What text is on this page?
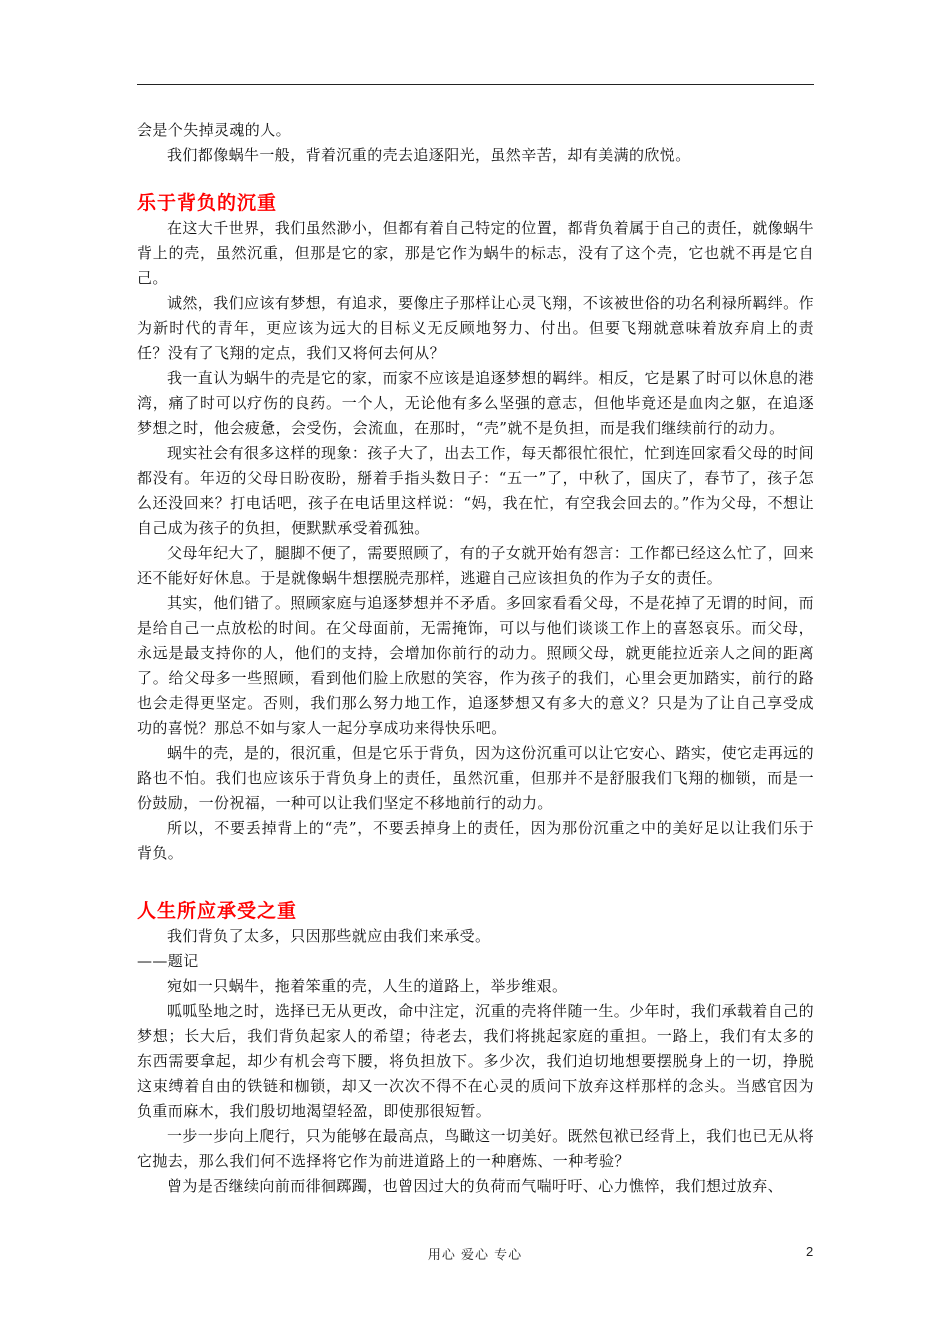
会是个失掉灵魂的人。

我们都像蜗牛一般，背着沉重的壳去追逐阳光，虽然辛苦，却有美满的欣悦。

乐于背负的沉重

在这大千世界，我们虽然渺小，但都有着自己特定的位置，都背负着属于自己的责任，就像蜗牛背上的壳，虽然沉重，但那是它的家，那是它作为蜗牛的标志，没有了这个壳，它也就不再是它自己。

诚然，我们应该有梦想，有追求，要像庄子那样让心灵飞翔，不该被世俗的功名利禄所羁绊。作为新时代的青年，更应该为远大的目标义无反顾地努力、付出。但要飞翔就意味着放弃肩上的责任？没有了飞翔的定点，我们又将何去何从？

我一直认为蜗牛的壳是它的家，而家不应该是追逐梦想的羁绊。相反，它是累了时可以休息的港湾，痛了时可以疗伤的良药。一个人，无论他有多么坚强的意志，但他毕竟还是血肉之躯，在追逐梦想之时，他会疲惫，会受伤，会流血，在那时，“壳”就不是负担，而是我们继续前行的动力。

现实社会有很多这样的现象：孩子大了，出去工作，每天都很忙很忙，忙到连回家看父母的时间都没有。年迈的父母日盼夜盼，掰着手指头数日子：“五一”了，中秋了，国庆了，春节了，孩子怎么还没回来？打电话吧，孩子在电话里这样说：“妈，我在忙，有空我会回去的。”作为父母，不想让自己成为孩子的负担，便默默承受着孤独。

父母年纪大了，腿脚不便了，需要照顾了，有的子女就开始有怨言：工作都已经这么忙了，回来还不能好好休息。于是就像蜗牛想摆脱壳那样，逃避自己应该担负的作为子女的责任。

其实，他们错了。照顾家庭与追逐梦想并不矛盾。多回家看看父母，不是花掉了无谓的时间，而是给自己一点放松的时间。在父母面前，无需掩饰，可以与他们谈谈工作上的喜怒哀乐。而父母，永远是最支持你的人，他们的支持，会增加你前行的动力。照顾父母，就更能拉近亲人之间的距离了。给父母多一些照顾，看到他们脸上欣慰的笑容，作为孩子的我们，心里会更加踏实，前行的路也会走得更坚定。否则，我们那么努力地工作，追逐梦想又有多大的意义？只是为了让自己享受成功的喜悦？那总不如与家人一起分享成功来得快乐吧。

蜗牛的壳，是的，很沉重，但是它乐于背负，因为这份沉重可以让它安心、踏实，使它走再远的路也不怕。我们也应该乐于背负身上的责任，虽然沉重，但那并不是舒服我们飞翔的枷锁，而是一份鼓励，一份祝福，一种可以让我们坚定不移地前行的动力。

所以，不要丢掉背上的“壳”，不要丢掉身上的责任，因为那份沉重之中的美好足以让我们乐于背负。

人生所应承受之重

我们背负了太多，只因那些就应由我们来承受。

——题记

宛如一只蜗牛，拖着笨重的壳，人生的道路上，举步维艰。

呱呱坠地之时，选择已无从更改，命中注定，沉重的壳将伴随一生。少年时，我们承载着自己的梦想；长大后，我们背负起家人的希望；待老去，我们将挑起家庭的重担。一路上，我们有太多的东西需要拿起，却少有机会弯下腰，将负担放下。多少次，我们迫切地想要摆脱身上的一切，挣脱这束缚着自由的铁链和枷锁，却又一次次不得不在心灵的质问下放弃这样那样的念头。当感官因为负重而麻木，我们殷切地渴望轻盈，即使那很短暂。

一步一步向上爬行，只为能够在最高点，鸟瞰这一切美好。既然包袱已经背上，我们也已无从将它抛去，那么我们何不选择将它作为前进道路上的一种磨炼、一种考验？

曾为是否继续向前而徘徊踯躅，也曾因过大的负荷而气喘吁吁、心力憔悴，我们想过放弃、

用心 爱心 专心	2
